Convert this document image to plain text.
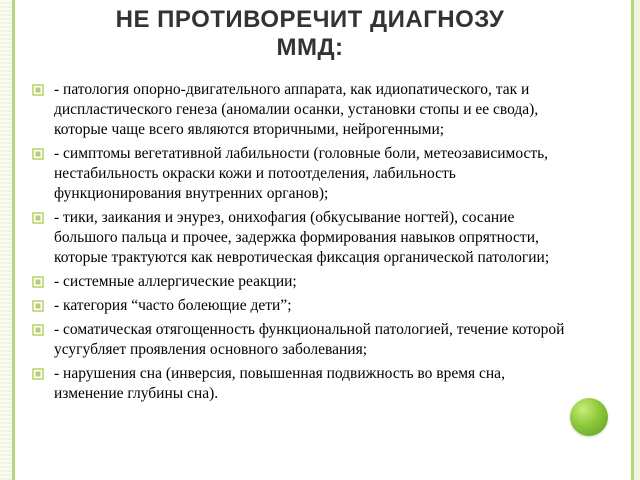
НЕ ПРОТИВОРЕЧИТ ДИАГНОЗУ
ММД:
- патология опорно-двигательного аппарата, как идиопатического, так и диспластического генеза (аномалии осанки, установки стопы и ее свода), которые чаще всего являются вторичными, нейрогенными;
- симптомы вегетативной лабильности (головные боли, метеозависимость, нестабильность окраски кожи и потоотделения, лабильность функционирования внутренних органов);
- тики, заикания и энурез, онихофагия (обкусывание ногтей), сосание большого пальца и прочее, задержка формирования навыков опрятности, которые трактуются как невротическая фиксация органической патологии;
- системные аллергические реакции;
- категория “часто болеющие дети”;
- соматическая отягощенность функциональной патологией, течение которой усугубляет проявления основного заболевания;
- нарушения сна (инверсия, повышенная подвижность во время сна, изменение глубины сна).
